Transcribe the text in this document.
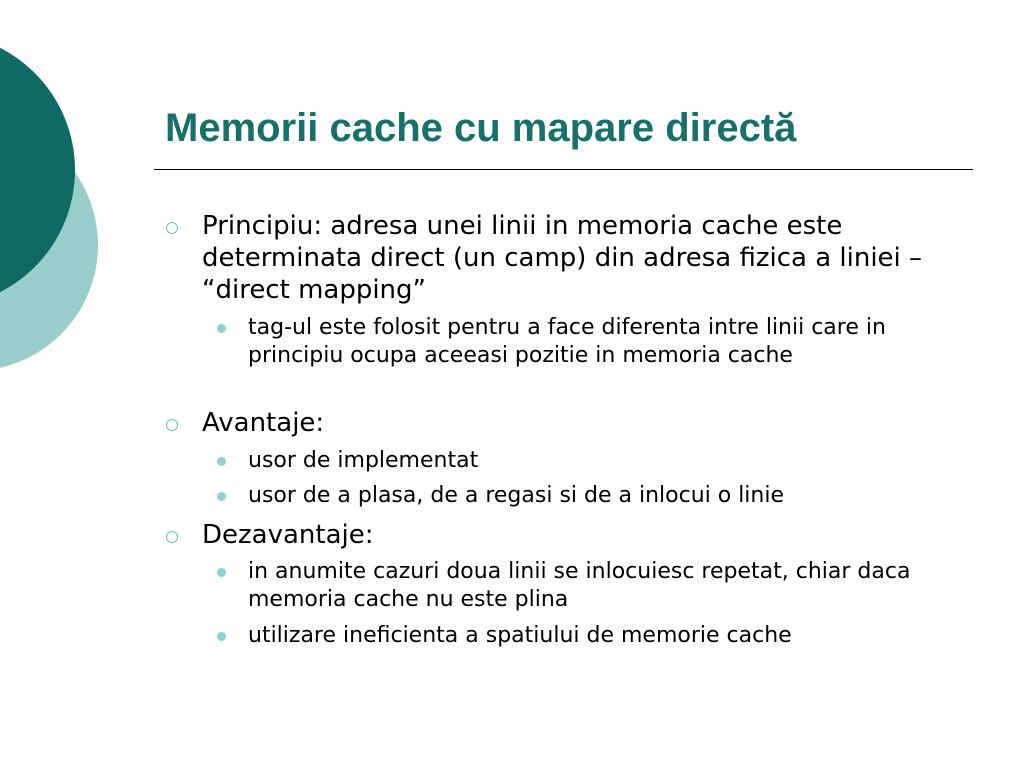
Memorii cache cu mapare directă
Principiu: adresa unei linii in memoria cache este determinata direct (un camp) din adresa fizica a liniei – “direct mapping”
tag-ul este folosit pentru a face diferenta intre linii care in principiu ocupa aceeasi pozitie in memoria cache
Avantaje:
usor de implementat
usor de a plasa, de a regasi si de a inlocui o linie
Dezavantaje:
in anumite cazuri doua linii se inlocuiesc repetat, chiar daca memoria cache nu este plina
utilizare ineficienta a spatiului de memorie cache
